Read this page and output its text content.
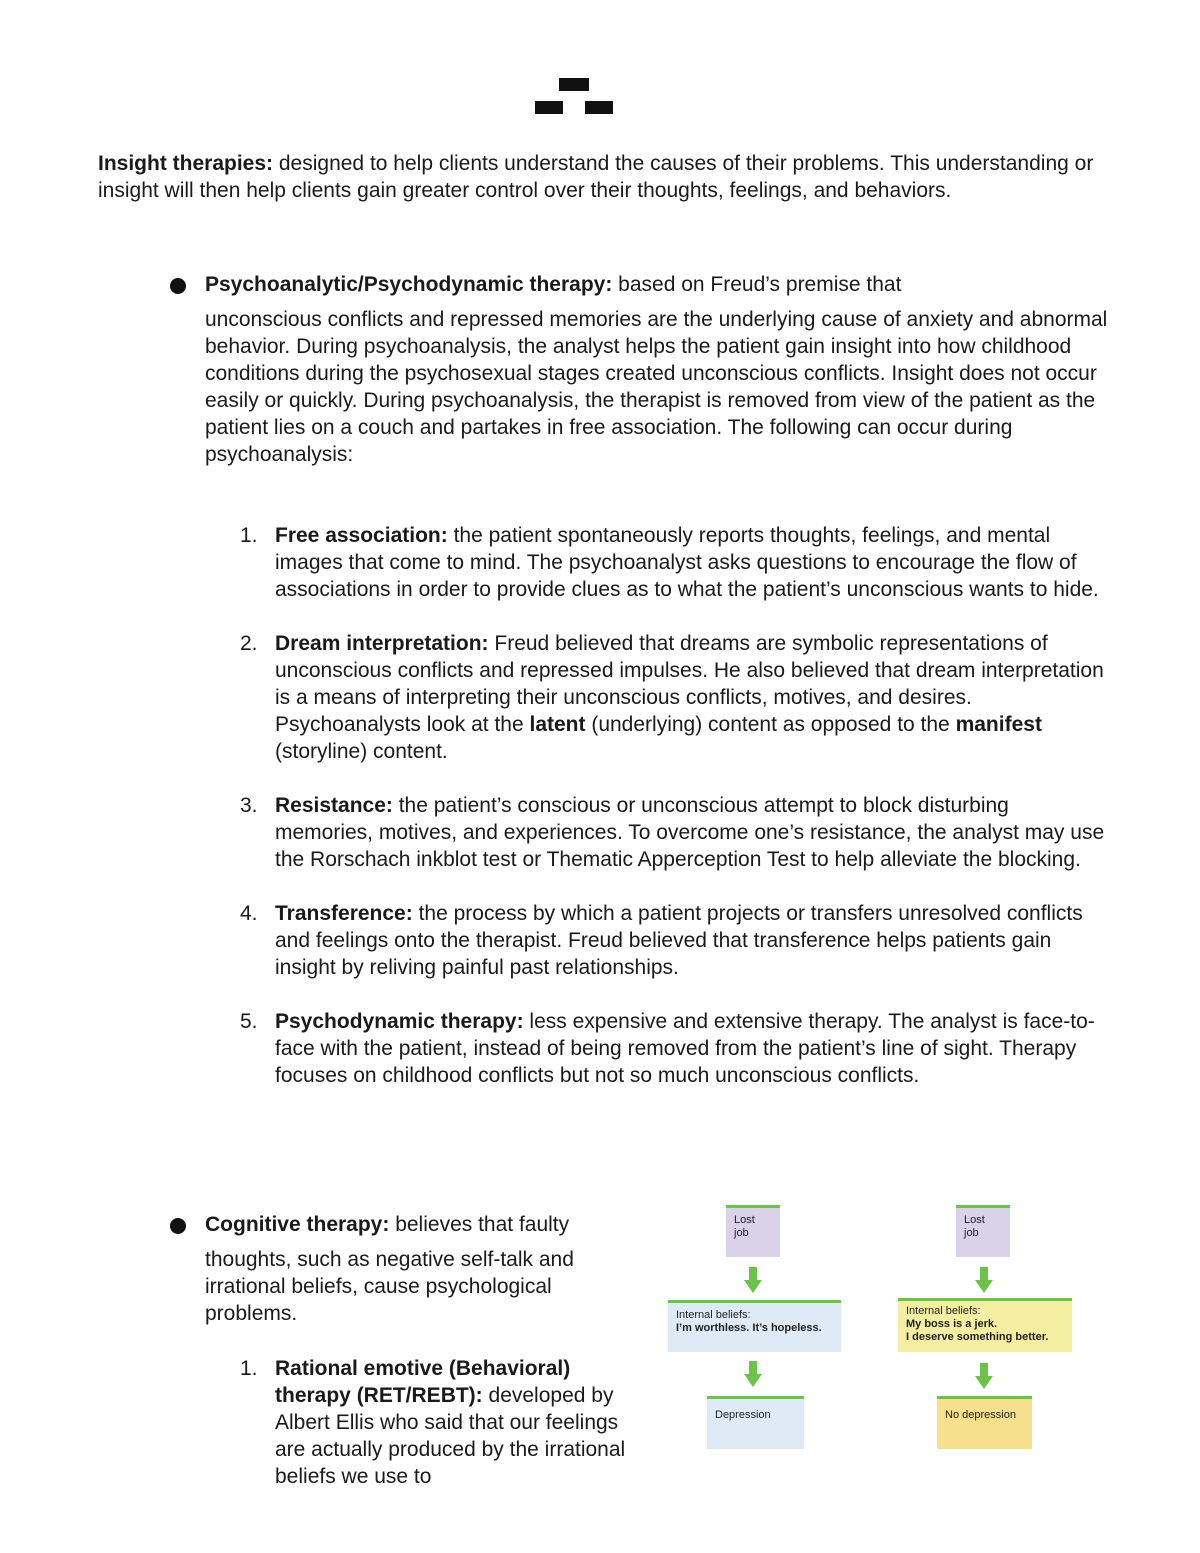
Insight therapies: designed to help clients understand the causes of their problems. This understanding or insight will then help clients gain greater control over their thoughts, feelings, and behaviors.

Psychoanalytic/Psychodynamic therapy: based on Freud’s premise that

unconscious conflicts and repressed memories are the underlying cause of anxiety and abnormal behavior. During psychoanalysis, the analyst helps the patient gain insight into how childhood conditions during the psychosexual stages created unconscious conflicts. Insight does not occur easily or quickly. During psychoanalysis, the therapist is removed from view of the patient as the patient lies on a couch and partakes in free association. The following can occur during psychoanalysis:

1. Free association: the patient spontaneously reports thoughts, feelings, and mental images that come to mind. The psychoanalyst asks questions to encourage the flow of associations in order to provide clues as to what the patient’s unconscious wants to hide.
2. Dream interpretation: Freud believed that dreams are symbolic representations of unconscious conflicts and repressed impulses. He also believed that dream interpretation is a means of interpreting their unconscious conflicts, motives, and desires. Psychoanalysts look at the latent (underlying) content as opposed to the manifest (storyline) content.
3. Resistance: the patient’s conscious or unconscious attempt to block disturbing memories, motives, and experiences. To overcome one’s resistance, the analyst may use the Rorschach inkblot test or Thematic Apperception Test to help alleviate the blocking.
4. Transference: the process by which a patient projects or transfers unresolved conflicts and feelings onto the therapist. Freud believed that transference helps patients gain insight by reliving painful past relationships.
5. Psychodynamic therapy: less expensive and extensive therapy. The analyst is face-to-face with the patient, instead of being removed from the patient’s line of sight. Therapy focuses on childhood conflicts but not so much unconscious conflicts.

Cognitive therapy: believes that faulty

thoughts, such as negative self-talk and irrational beliefs, cause psychological problems.

1. Rational emotive (Behavioral) therapy (RET/REBT): developed by Albert Ellis who said that our feelings are actually produced by the irrational beliefs we use to
Lost job
Internal beliefs:
I’m worthless. It’s hopeless.
Depression
Lost job
Internal beliefs:
My boss is a jerk.
I deserve something better.
No depression
